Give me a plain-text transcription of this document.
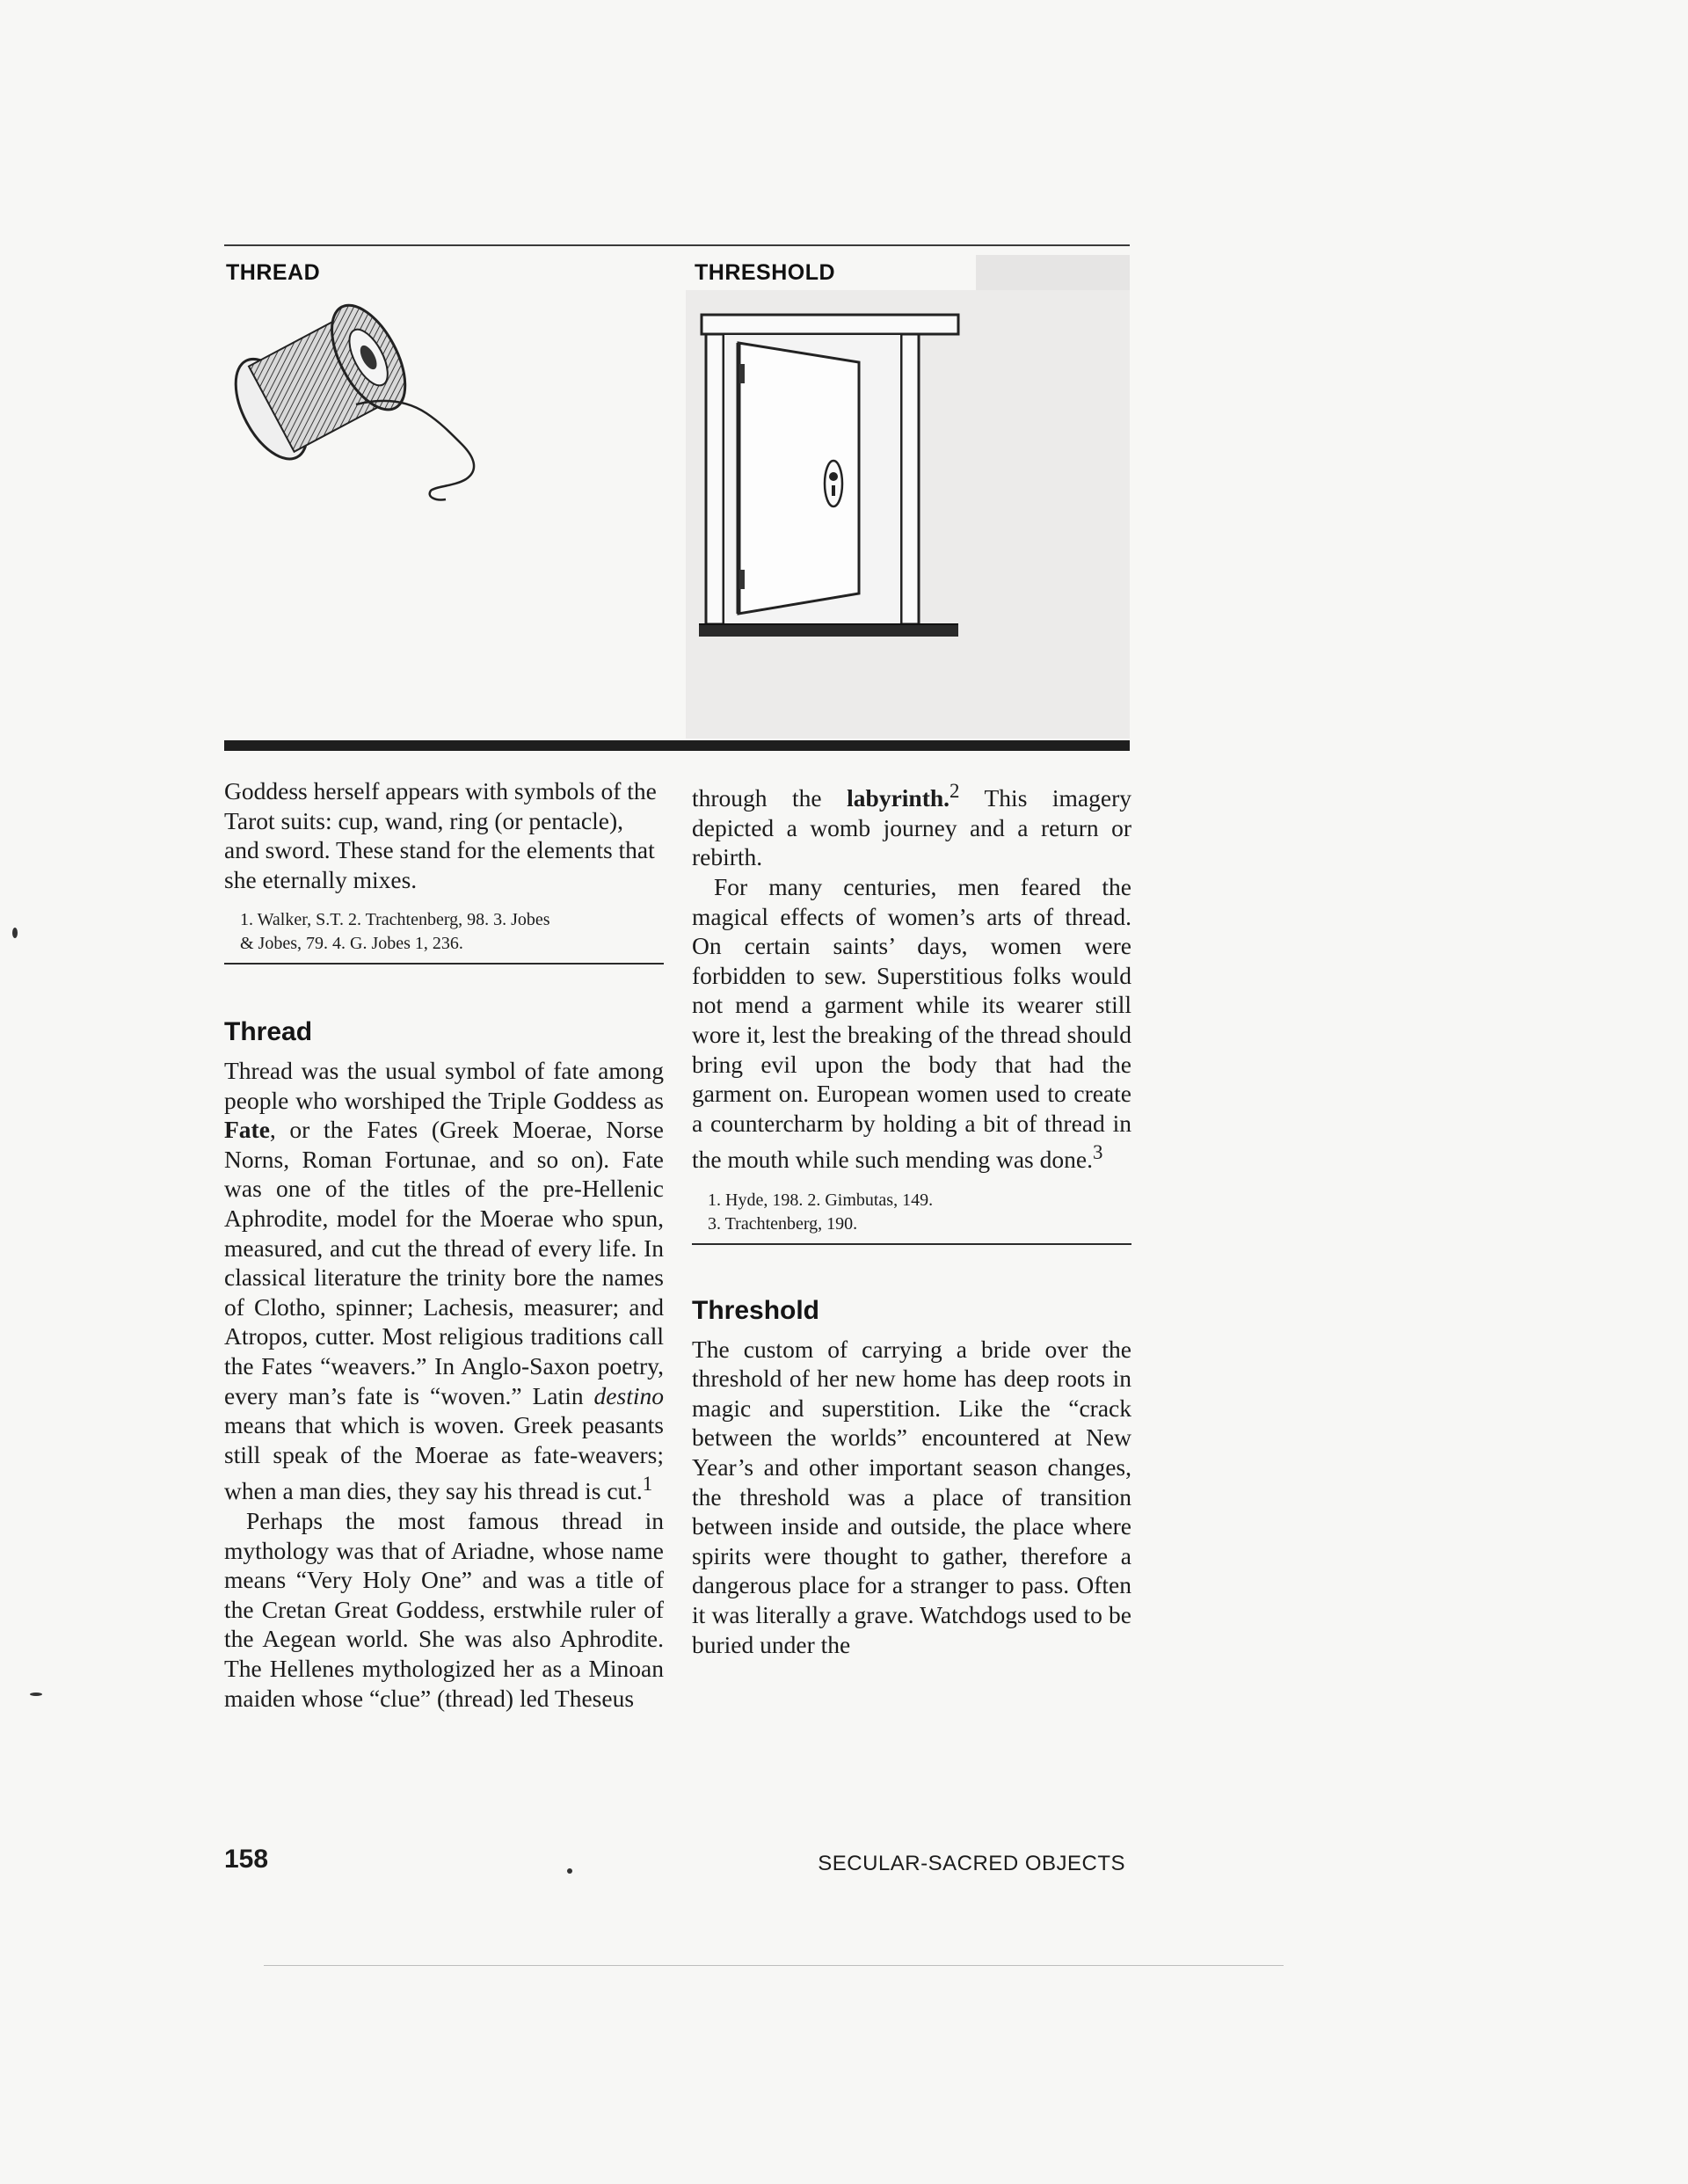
THREAD	THRESHOLD

Goddess herself appears with symbols of the Tarot suits: cup, wand, ring (or pentacle), and sword. These stand for the elements that she eternally mixes.

1. Walker, S.T. 2. Trachtenberg, 98. 3. Jobes
& Jobes, 79. 4. G. Jobes 1, 236.
Thread

Thread was the usual symbol of fate among people who worshiped the Triple Goddess as Fate, or the Fates (Greek Moerae, Norse Norns, Roman Fortunae, and so on). Fate was one of the titles of the pre-Hellenic Aphrodite, model for the Moerae who spun, measured, and cut the thread of every life. In classical literature the trinity bore the names of Clotho, spinner; Lachesis, measurer; and Atropos, cutter. Most religious traditions call the Fates “weavers.” In Anglo-Saxon poetry, every man’s fate is “woven.” Latin destino means that which is woven. Greek peasants still speak of the Moerae as fate-weavers; when a man dies, they say his thread is cut.$^1$

Perhaps the most famous thread in mythology was that of Ariadne, whose name means “Very Holy One” and was a title of the Cretan Great Goddess, erstwhile ruler of the Aegean world. She was also Aphrodite. The Hellenes mythologized her as a Minoan maiden whose “clue” (thread) led Theseus

through the labyrinth.$^2$ This imagery depicted a womb journey and a return or rebirth.

For many centuries, men feared the magical effects of women’s arts of thread. On certain saints’ days, women were forbidden to sew. Superstitious folks would not mend a garment while its wearer still wore it, lest the breaking of the thread should bring evil upon the body that had the garment on. European women used to create a countercharm by holding a bit of thread in the mouth while such mending was done.$^3$

1. Hyde, 198. 2. Gimbutas, 149.
3. Trachtenberg, 190.
Threshold

The custom of carrying a bride over the threshold of her new home has deep roots in magic and superstition. Like the “crack between the worlds” encountered at New Year’s and other important season changes, the threshold was a place of transition between inside and outside, the place where spirits were thought to gather, therefore a dangerous place for a stranger to pass. Often it was literally a grave. Watchdogs used to be buried under the

158	SECULAR-SACRED OBJECTS
